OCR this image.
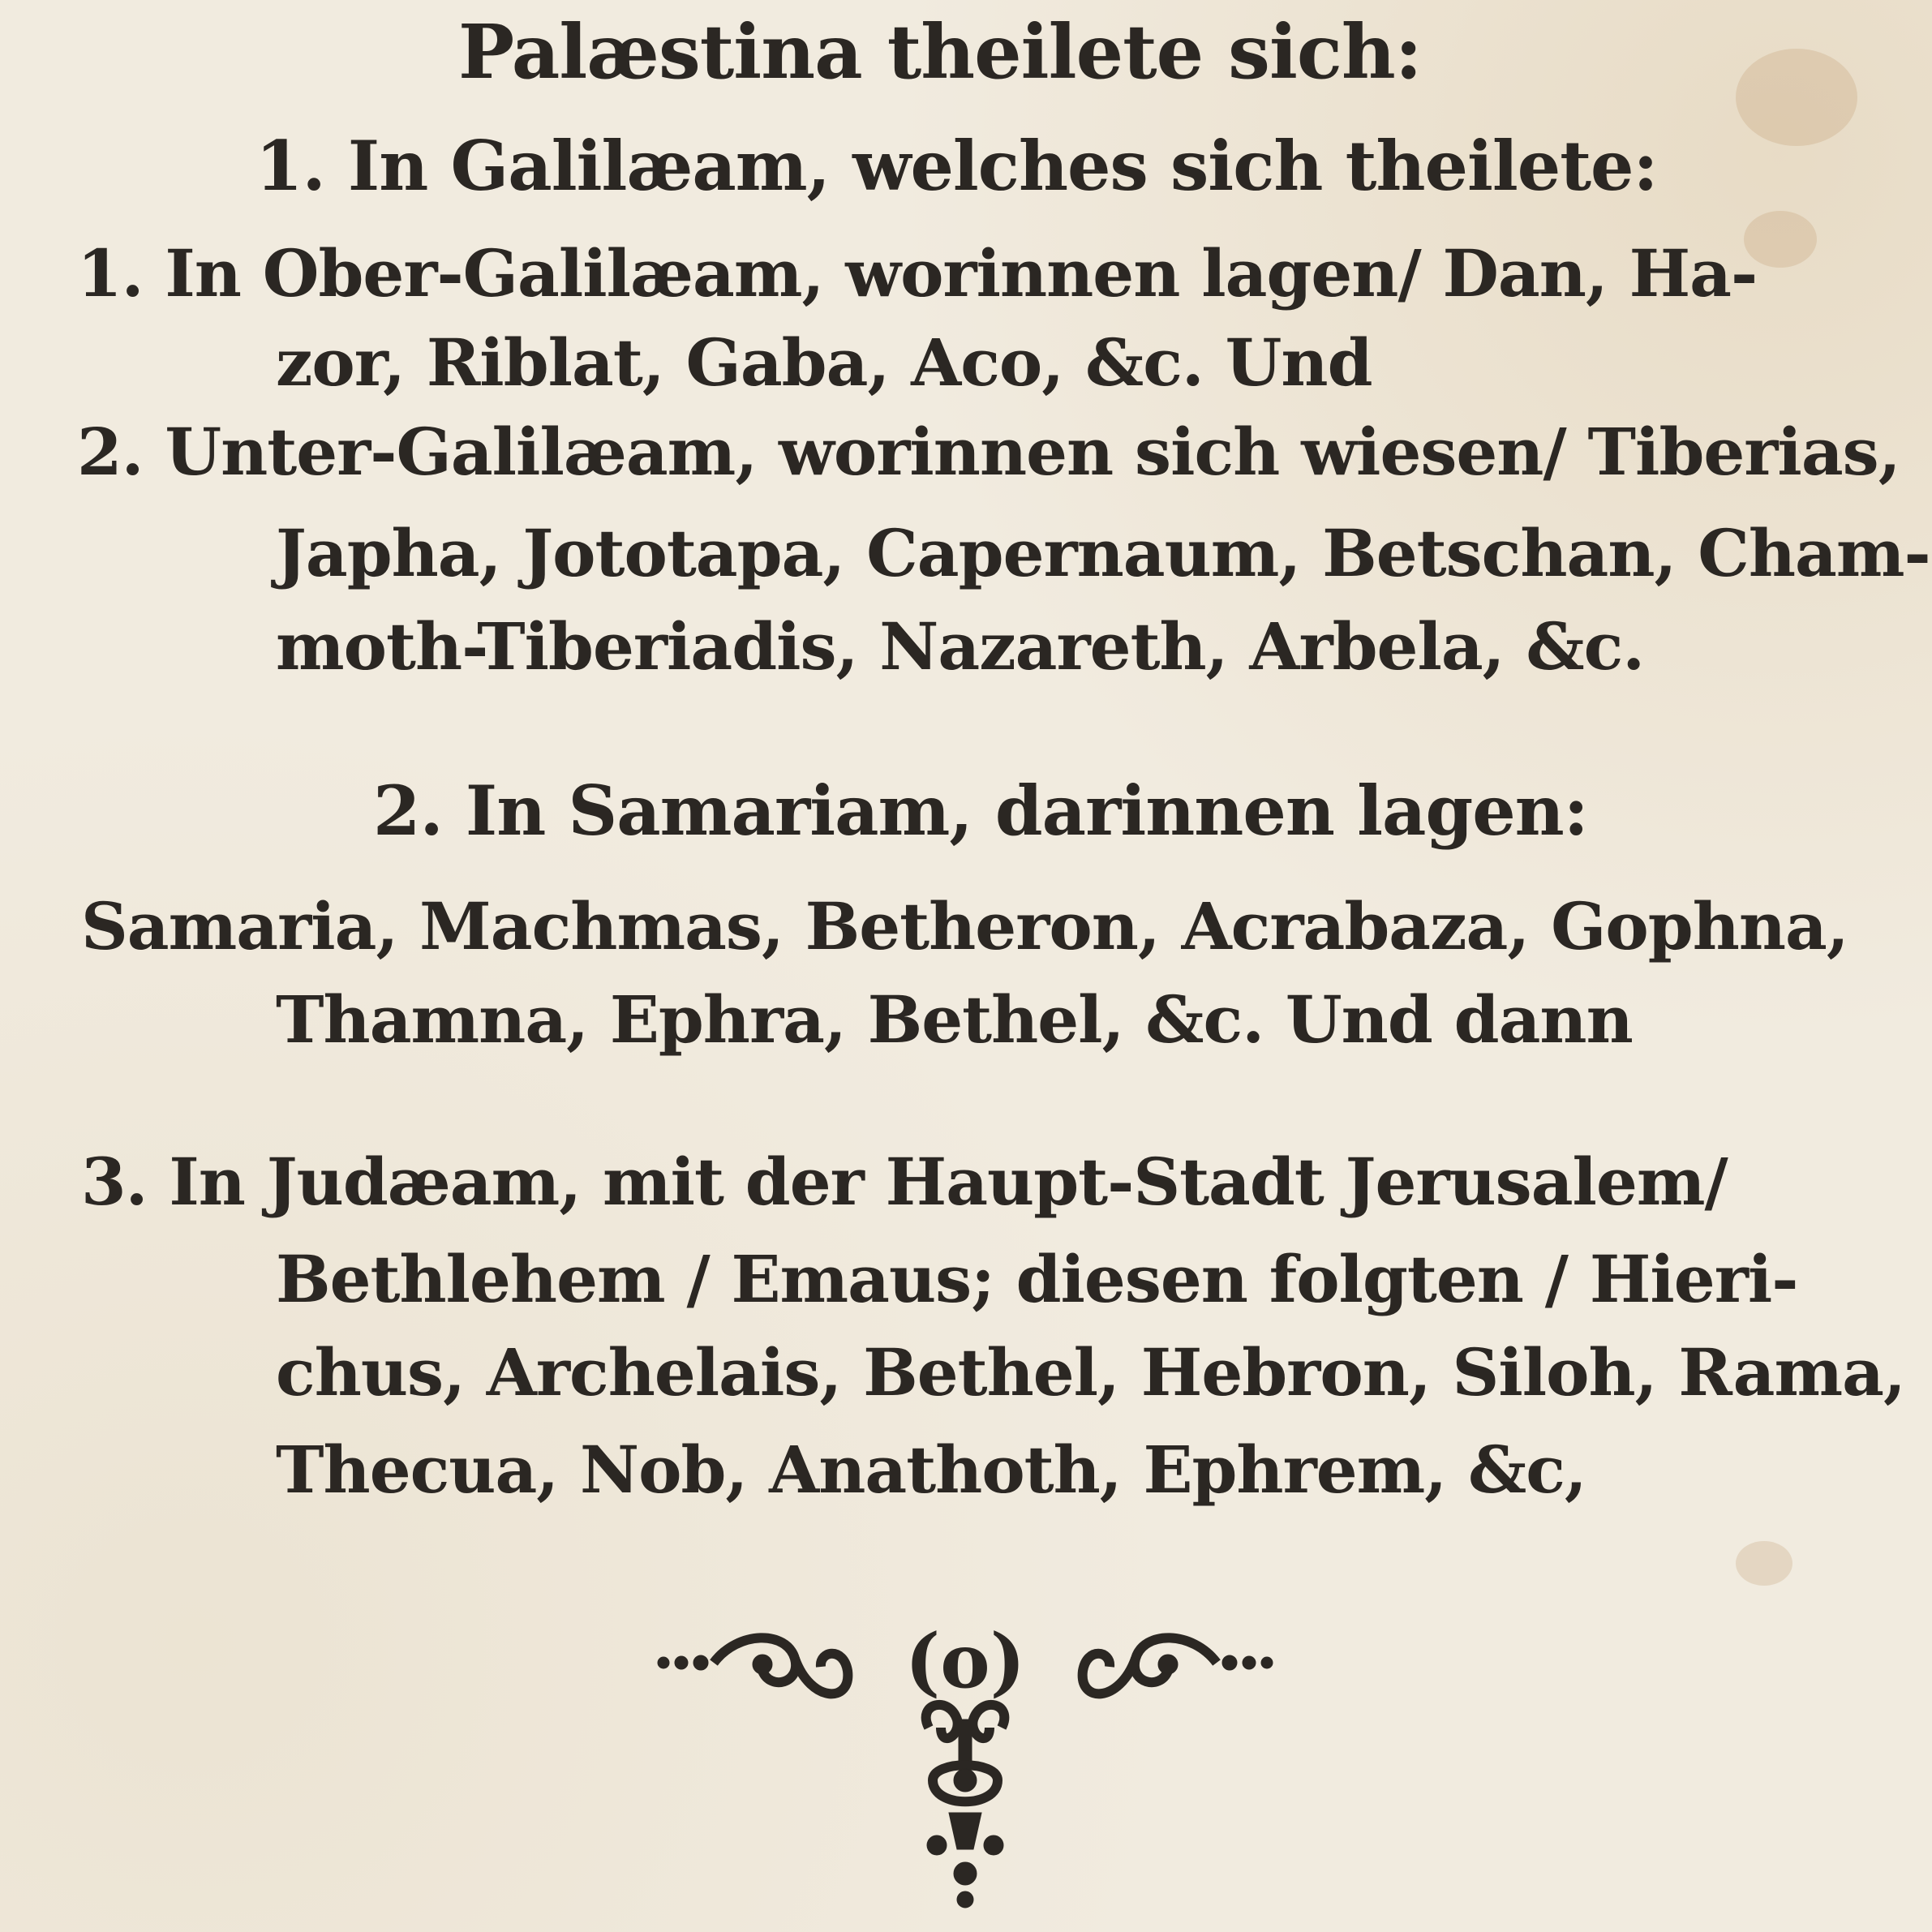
Palæstina theilete sich:
1. In Galilæam, welches sich theilete:
1. In Ober-Galilæam, worinnen lagen/ Dan, Ha-
zor, Riblat, Gaba, Aco, &c. Und
2. Unter-Galilæam, worinnen sich wiesen/ Tiberias,
Japha, Jototapa, Capernaum, Betschan, Cham-
moth-Tiberiadis, Nazareth, Arbela, &c.
2. In Samariam, darinnen lagen:
Samaria, Machmas, Betheron, Acrabaza, Gophna,
Thamna, Ephra, Bethel, &c. Und dann
3. In Judæam, mit der Haupt-Stadt Jerusalem/
Bethlehem / Emaus; diesen folgten / Hieri-
chus, Archelais, Bethel, Hebron, Siloh, Rama,
Thecua, Nob, Anathoth, Ephrem, &c,
(o)
